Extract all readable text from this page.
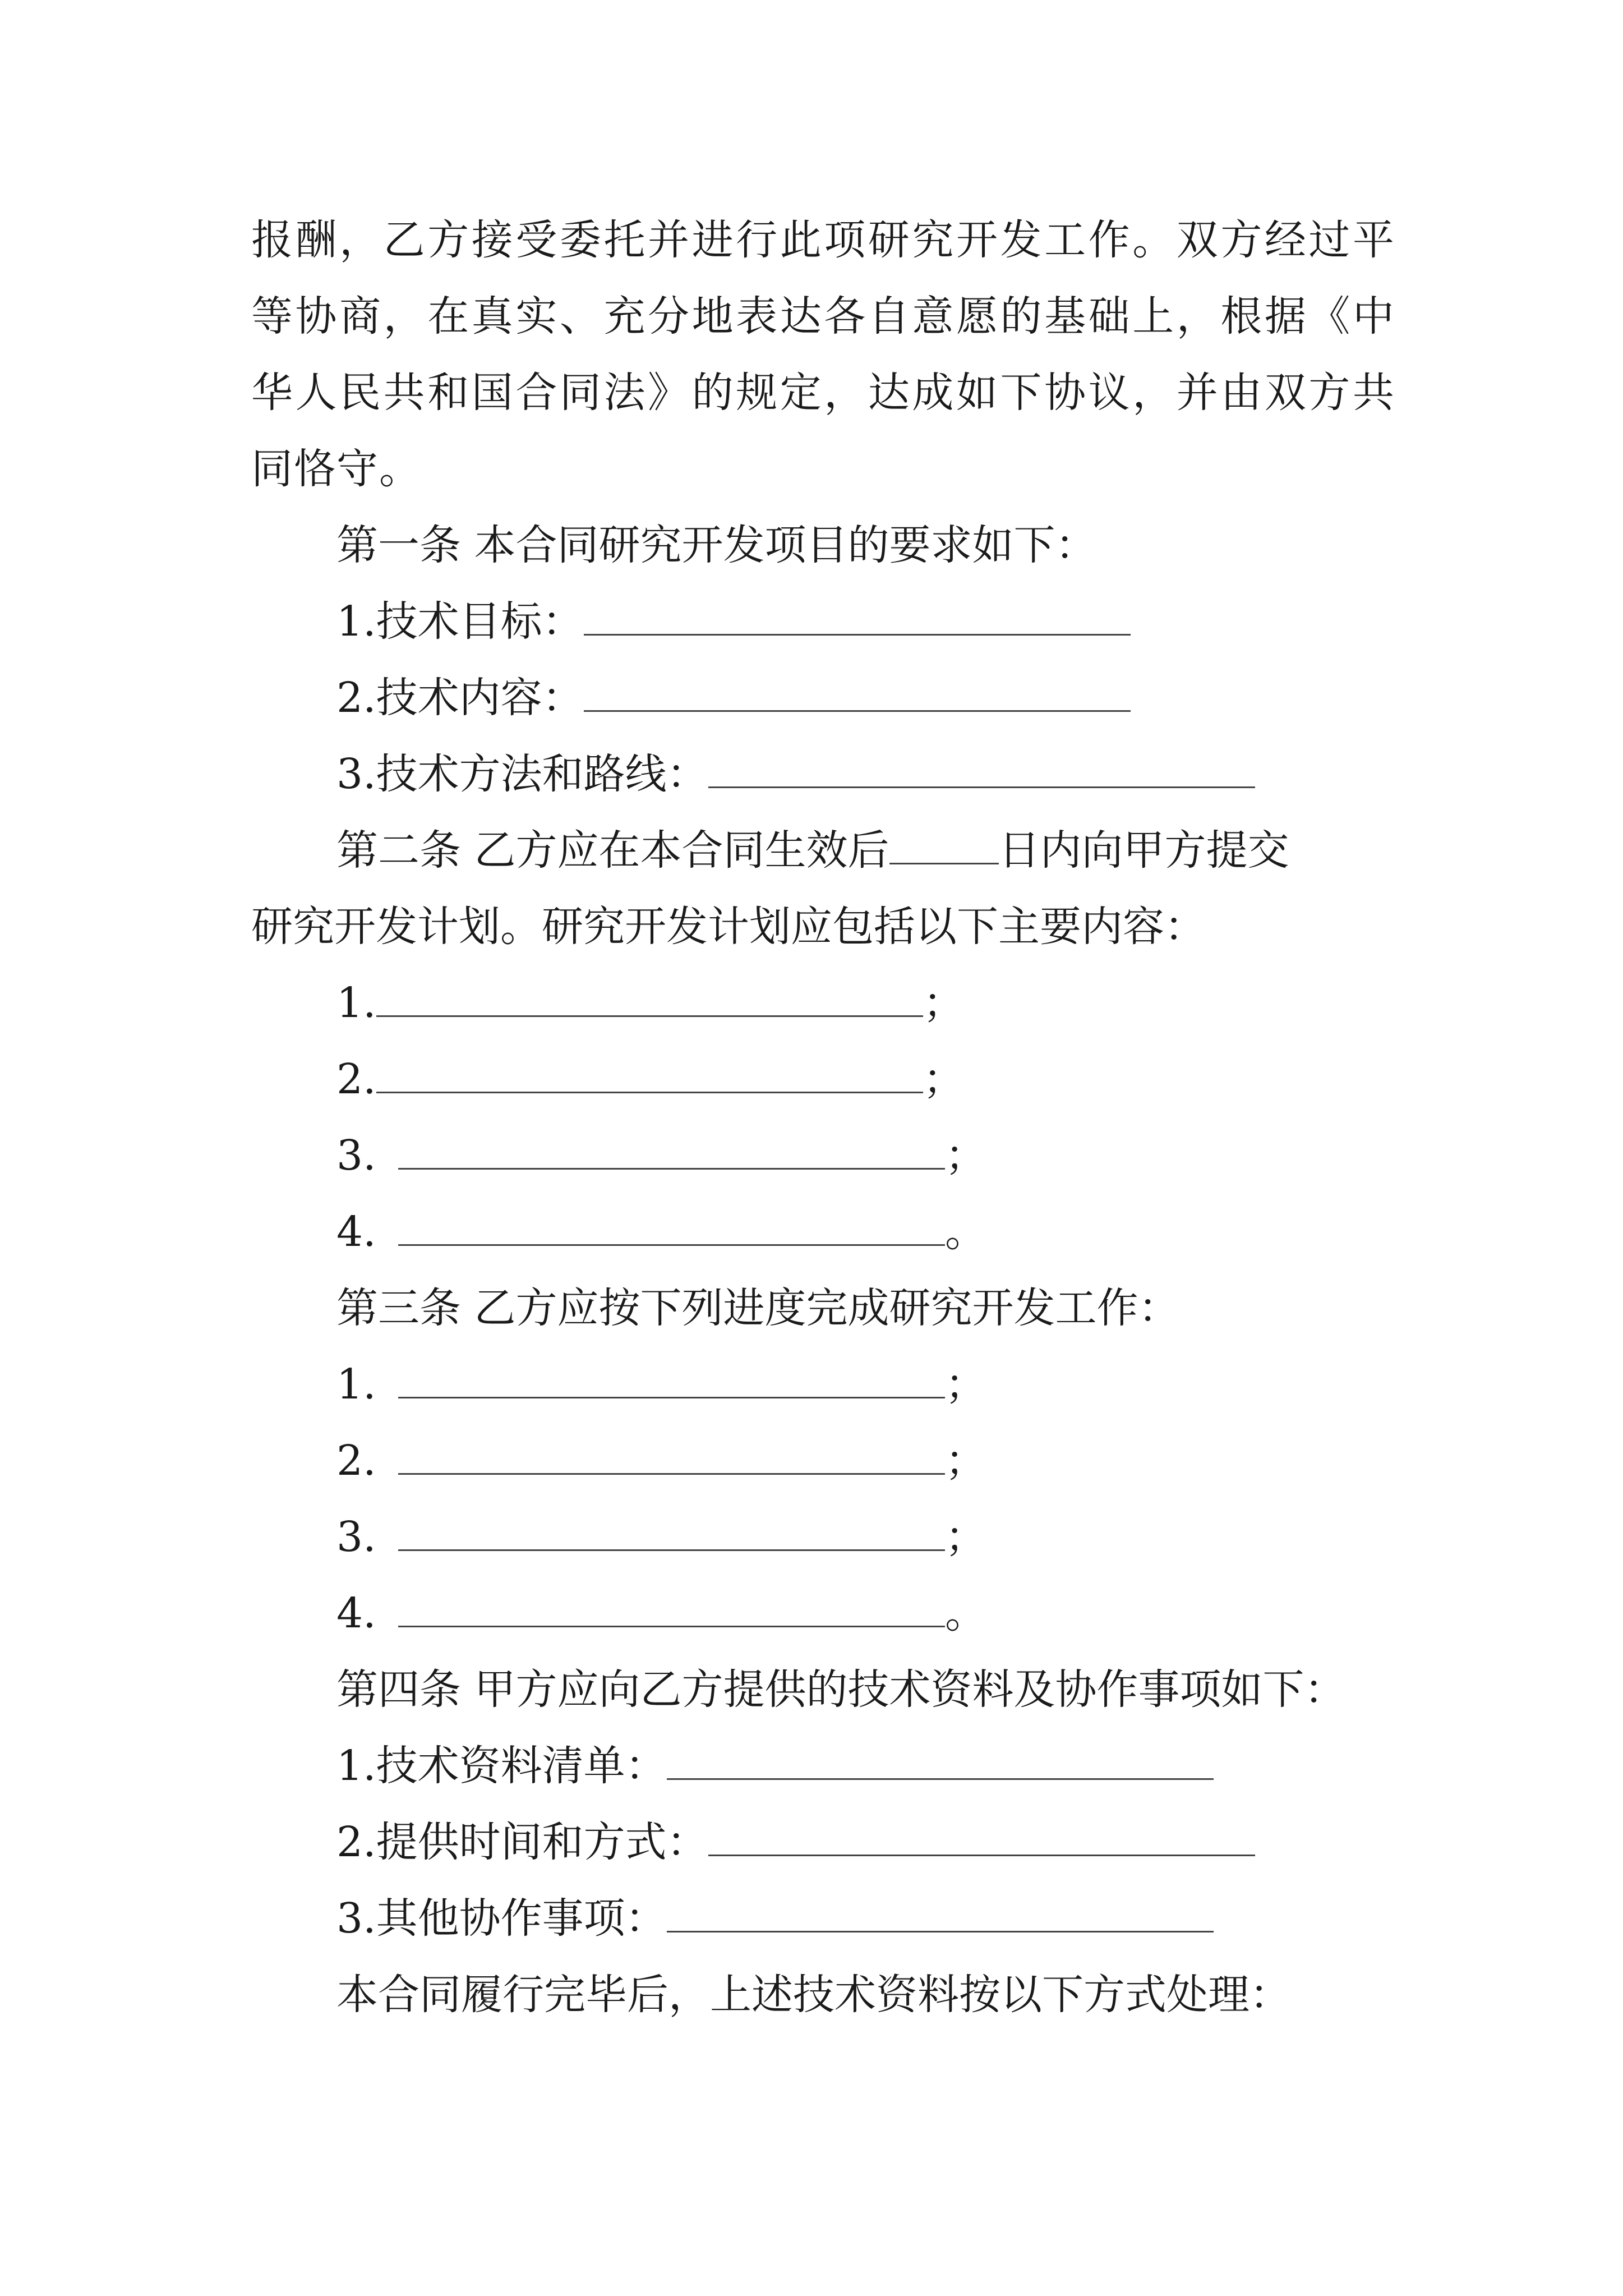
报酬，乙方接受委托并进行此项研究开发工作。双方经过平
等协商，在真实、充分地表达各自意愿的基础上，根据《中
华人民共和国合同法》的规定，达成如下协议，并由双方共
同恪守。
第一条 本合同研究开发项目的要求如下：
1.技术目标：
2.技术内容：
3.技术方法和路线：
第二条 乙方应在本合同生效后	日内向甲方提交
研究开发计划。研究开发计划应包括以下主要内容：
1.	；
2.	；
3.	；
4.	。
第三条 乙方应按下列进度完成研究开发工作：
1.	；
2.	；
3.	；
4.	。
第四条 甲方应向乙方提供的技术资料及协作事项如下：
1.技术资料清单：
2.提供时间和方式：
3.其他协作事项：
本合同履行完毕后，上述技术资料按以下方式处理：
